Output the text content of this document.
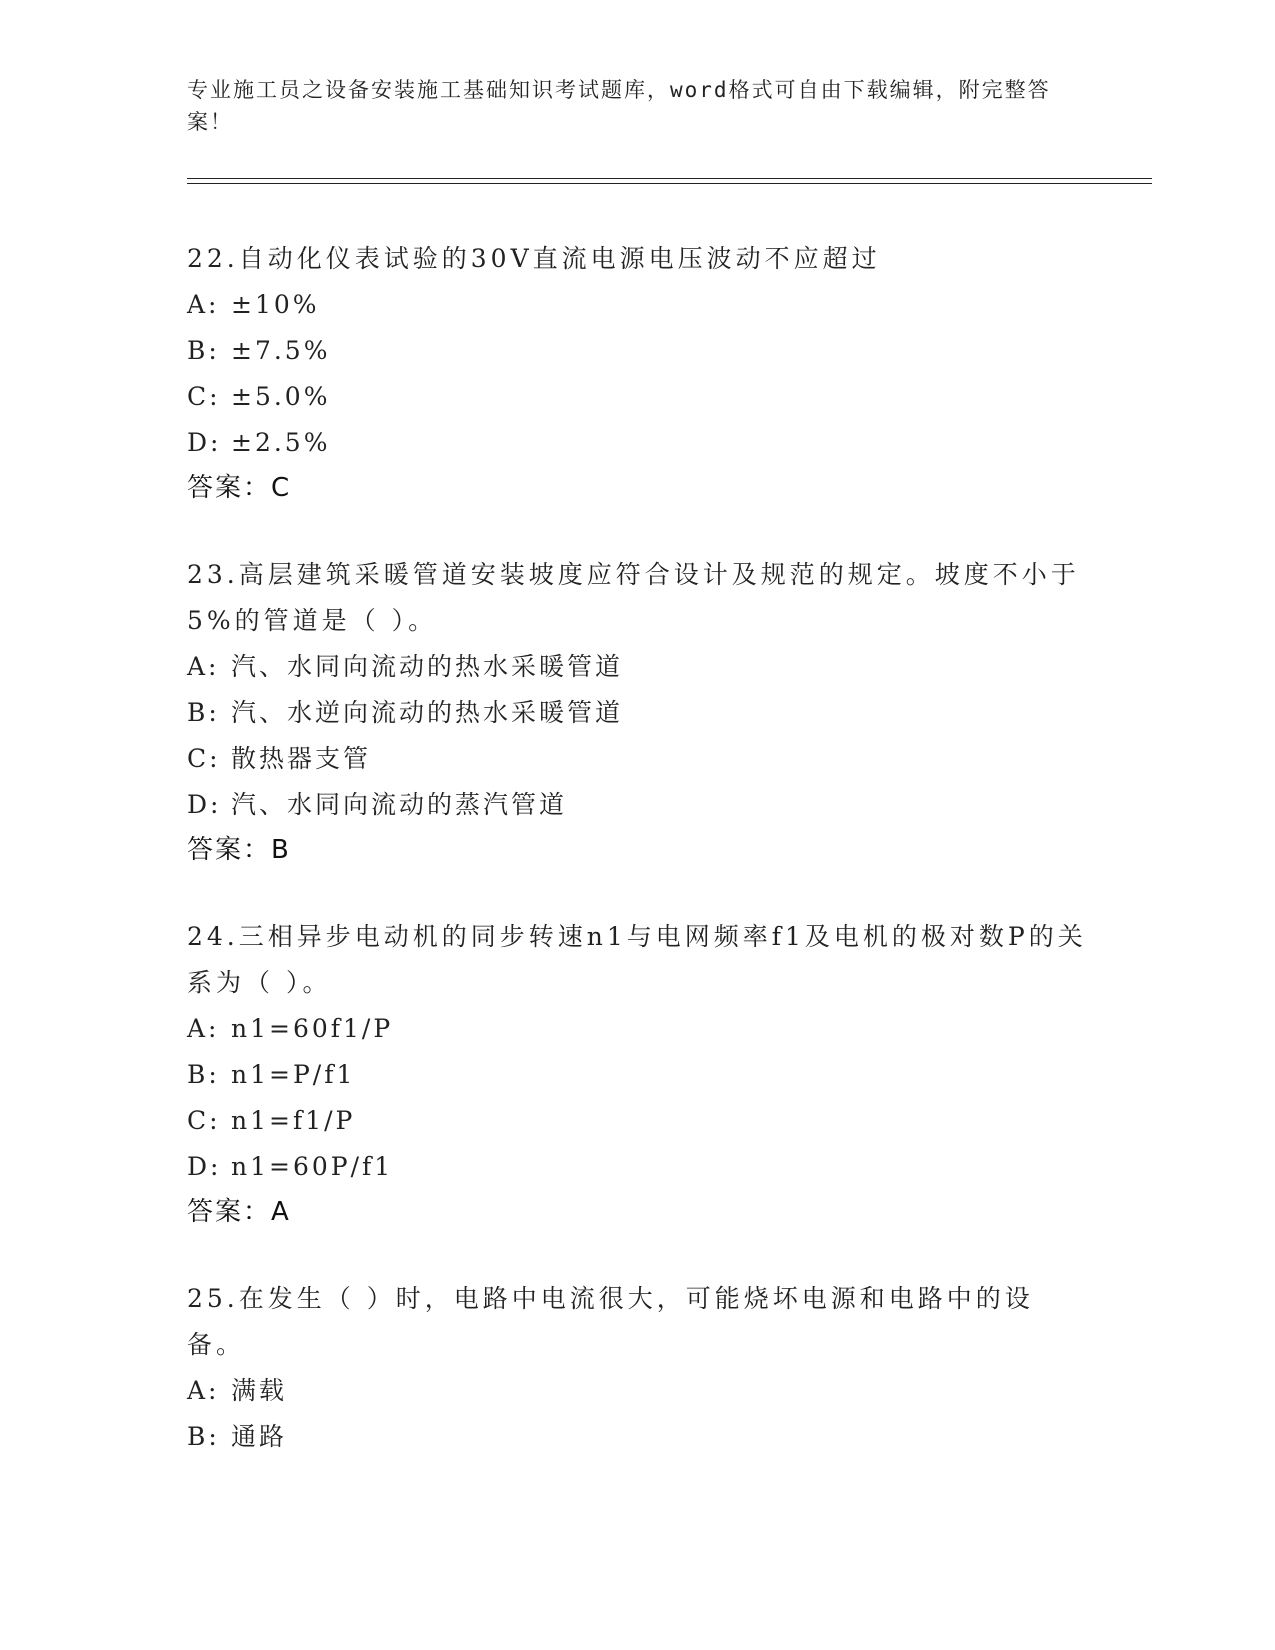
专业施工员之设备安装施工基础知识考试题库，word格式可自由下载编辑，附完整答案！
22.自动化仪表试验的30V直流电源电压波动不应超过
A: ±10%
B: ±7.5%
C: ±5.0%
D: ±2.5%
答案：C
23.高层建筑采暖管道安装坡度应符合设计及规范的规定。坡度不小于5%的管道是（ ）。
A: 汽、水同向流动的热水采暖管道
B: 汽、水逆向流动的热水采暖管道
C: 散热器支管
D: 汽、水同向流动的蒸汽管道
答案：B
24.三相异步电动机的同步转速n1与电网频率f1及电机的极对数P的关系为（ ）。
A: n1=60f1/P
B: n1=P/f1
C: n1=f1/P
D: n1=60P/f1
答案：A
25.在发生（ ）时，电路中电流很大，可能烧坏电源和电路中的设备。
A: 满载
B: 通路
